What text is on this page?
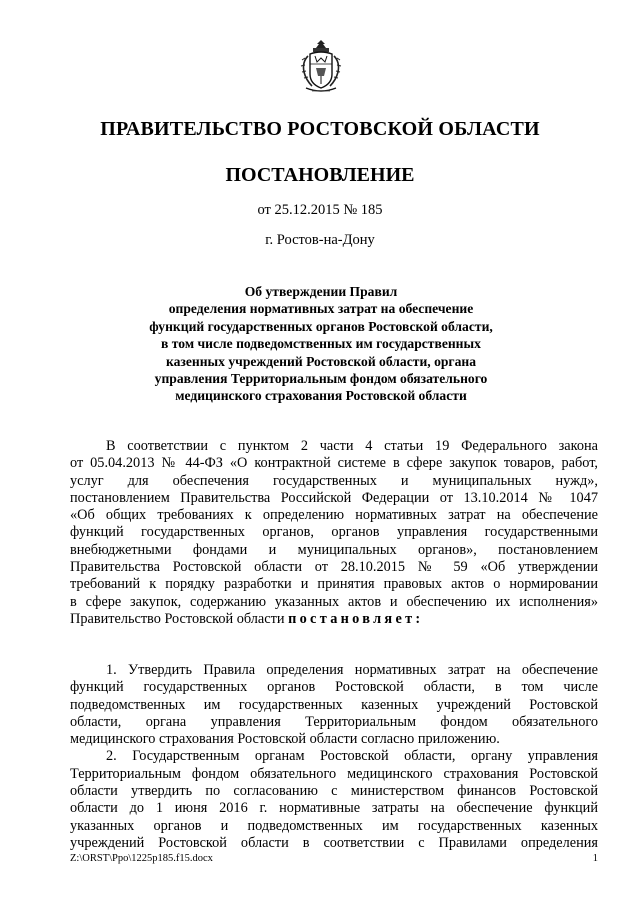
ПРАВИТЕЛЬСТВО РОСТОВСКОЙ ОБЛАСТИ
ПОСТАНОВЛЕНИЕ
от 25.12.2015 № 185
г. Ростов-на-Дону
Об утверждении Правил
определения нормативных затрат на обеспечение
функций государственных органов Ростовской области,
в том числе подведомственных им государственных
казенных учреждений Ростовской области, органа
управления Территориальным фондом обязательного
медицинского страхования Ростовской области
В соответствии с пунктом 2 части 4 статьи 19 Федерального закона
от 05.04.2013 № 44-ФЗ «О контрактной системе в сфере закупок товаров, работ,
услуг для обеспечения государственных и муниципальных нужд»,
постановлением Правительства Российской Федерации от 13.10.2014 № 1047
«Об общих требованиях к определению нормативных затрат на обеспечение
функций государственных органов, органов управления государственными
внебюджетными фондами и муниципальных органов», постановлением
Правительства Ростовской области от 28.10.2015 № 59 «Об утверждении
требований к порядку разработки и принятия правовых актов о нормировании
в сфере закупок, содержанию указанных актов и обеспечению их исполнения»
Правительство Ростовской области постановляет:
1. Утвердить Правила определения нормативных затрат на обеспечение
функций государственных органов Ростовской области, в том числе
подведомственных им государственных казенных учреждений Ростовской
области, органа управления Территориальным фондом обязательного
медицинского страхования Ростовской области согласно приложению.
2. Государственным органам Ростовской области, органу управления
Территориальным фондом обязательного медицинского страхования Ростовской
области утвердить по согласованию с министерством финансов Ростовской
области до 1 июня 2016 г. нормативные затраты на обеспечение функций
указанных органов и подведомственных им государственных казенных
учреждений Ростовской области в соответствии с Правилами определения
Z:\ORST\Ppo\1225p185.f15.docx	1
